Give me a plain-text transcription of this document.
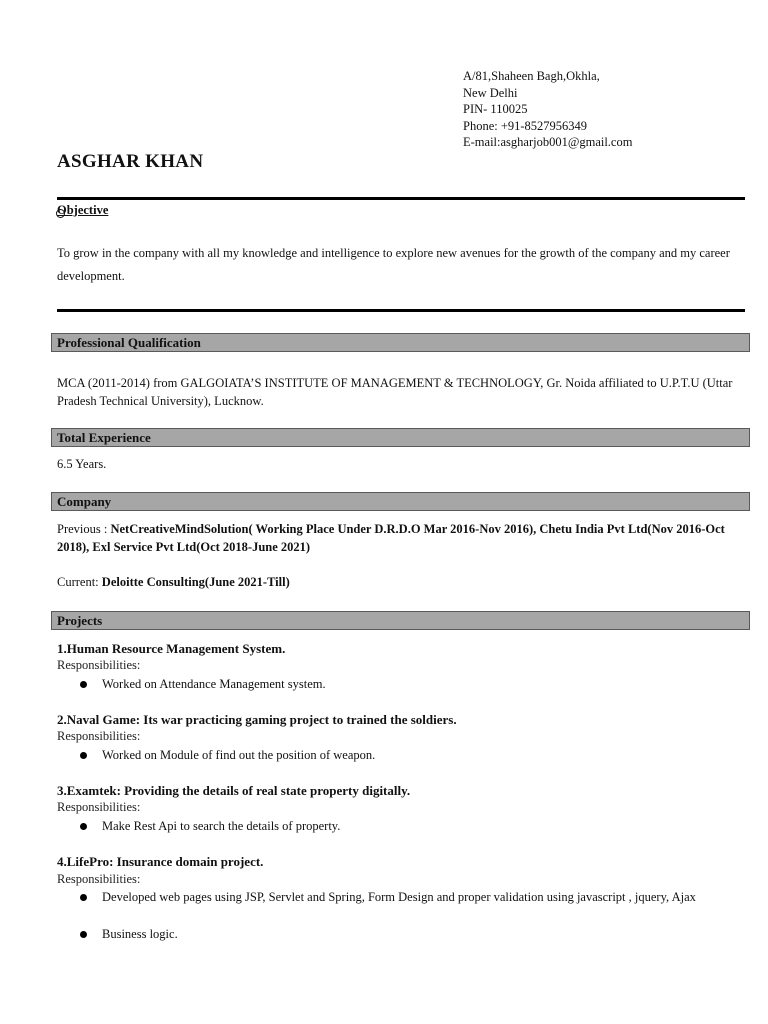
A/81,Shaheen Bagh,Okhla,
New Delhi
PIN- 110025
Phone: +91-8527956349
E-mail:asgharjob001@gmail.com
ASGHAR KHAN
Objective
To grow in the company with all my knowledge and intelligence to explore new avenues for the growth of the company and my career development.
Professional Qualification
MCA (2011-2014) from GALGOIATA’S INSTITUTE OF MANAGEMENT & TECHNOLOGY, Gr. Noida affiliated to U.P.T.U (Uttar Pradesh Technical University), Lucknow.
Total Experience
6.5 Years.
Company
Previous : NetCreativeMindSolution( Working Place Under D.R.D.O Mar 2016-Nov 2016), Chetu India Pvt Ltd(Nov 2016-Oct 2018), Exl Service Pvt Ltd(Oct 2018-June 2021)
Current: Deloitte Consulting(June 2021-Till)
Projects
1.Human Resource Management System.
Responsibilities:
Worked on Attendance Management system.
2.Naval Game: Its war practicing gaming project to trained the soldiers.
Responsibilities:
Worked on Module of find out the position of weapon.
3.Examtek: Providing the details of real state property digitally.
Responsibilities:
Make Rest Api to search the details of property.
4.LifePro: Insurance domain project.
Responsibilities:
Developed web pages using JSP, Servlet and Spring, Form Design and proper validation using javascript , jquery, Ajax
Business logic.
